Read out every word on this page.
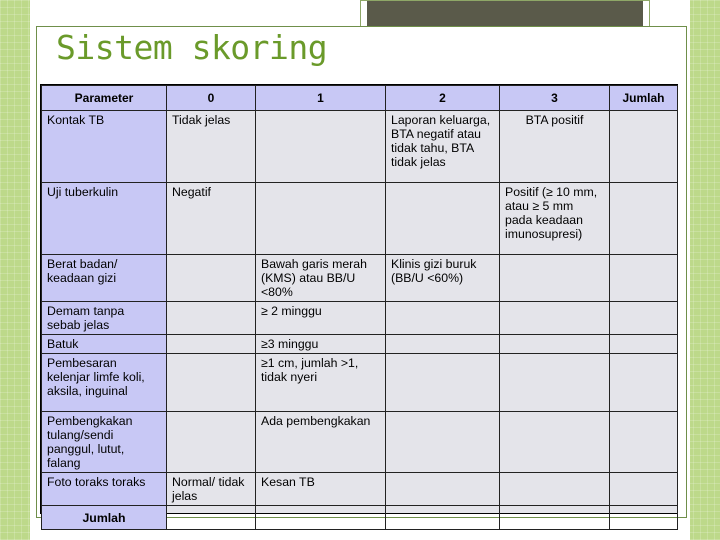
Sistem skoring
Parameter	0	1	2	3	Jumlah
Kontak TB	Tidak jelas		Laporan keluarga, BTA negatif atau tidak tahu, BTA tidak jelas	BTA positif	
Uji tuberkulin	Negatif			Positif (≥ 10 mm, atau ≥ 5 mm pada keadaan imunosupresi)	
Berat badan/ keadaan gizi		Bawah garis merah (KMS) atau BB/U <80%	Klinis gizi buruk (BB/U <60%)		
Demam tanpa sebab jelas		≥ 2 minggu			
Batuk		≥3 minggu			
Pembesaran kelenjar limfe koli, aksila, inguinal		≥1 cm, jumlah >1, tidak nyeri			
Pembengkakan tulang/sendi panggul, lutut, falang		Ada pembengkakan			
Foto toraks toraks	Normal/ tidak jelas	Kesan TB			
Jumlah					
